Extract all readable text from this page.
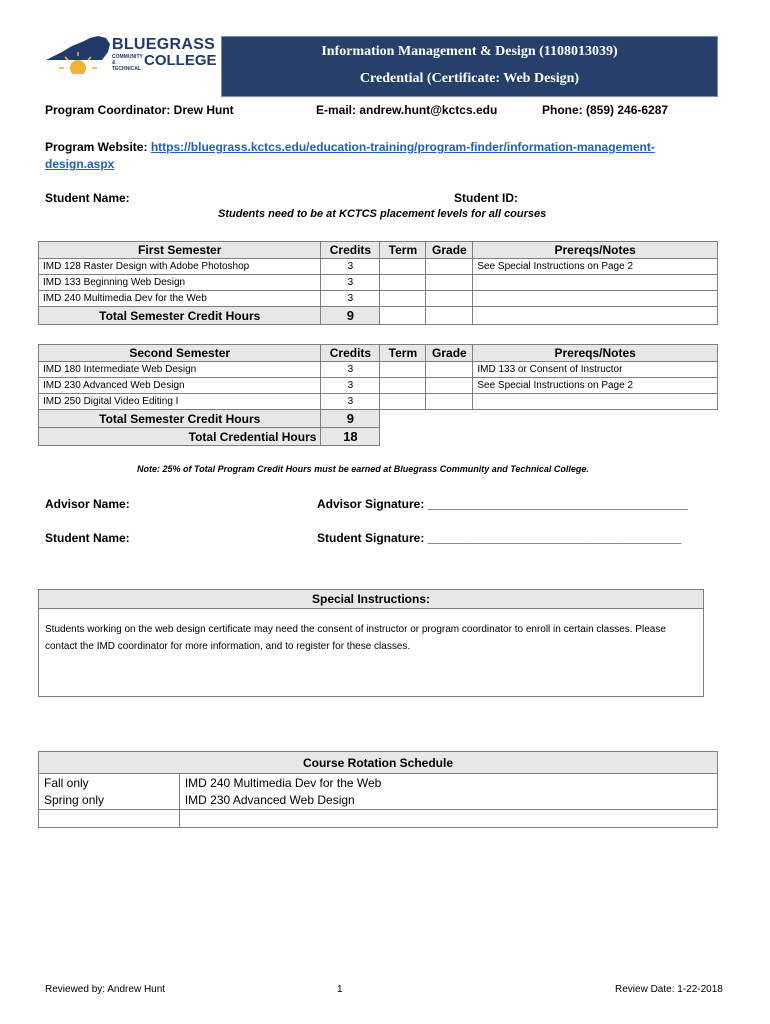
BLUEGRASS
COMMUNITY & TECHNICAL COLLEGE
Information Management & Design (1108013039)
Credential (Certificate: Web Design)
Program Coordinator: Drew Hunt	E-mail: andrew.hunt@kctcs.edu	Phone: (859) 246-6287
Program Website: https://bluegrass.kctcs.edu/education-training/program-finder/information-management-
design.aspx
Student Name:	Student ID:
Students need to be at KCTCS placement levels for all courses
First Semester	Credits	Term	Grade	Prereqs/Notes
IMD 128 Raster Design with Adobe Photoshop	3			See Special Instructions on Page 2
IMD 133 Beginning Web Design	3			
IMD 240 Multimedia Dev for the Web	3			
Total Semester Credit Hours	9			
Second Semester	Credits	Term	Grade	Prereqs/Notes
IMD 180 Intermediate Web Design	3			IMD 133 or Consent of Instructor
IMD 230 Advanced Web Design	3			See Special Instructions on Page 2
IMD 250 Digital Video Editing I	3			
Total Semester Credit Hours	9			
Total Credential Hours	18			
Note: 25% of Total Program Credit Hours must be earned at Bluegrass Community and Technical College.
Advisor Name:	Advisor Signature: _______________________________________
Student Name:	Student Signature: ______________________________________
Special Instructions:
Students working on the web design certificate may need the consent of instructor or program coordinator to enroll in certain classes. Please contact the IMD coordinator for more information, and to register for these classes.
Course Rotation Schedule	
Fall only	IMD 240 Multimedia Dev for the Web
Spring only	IMD 230 Advanced Web Design

Reviewed by: Andrew Hunt	1	Review Date: 1-22-2018
